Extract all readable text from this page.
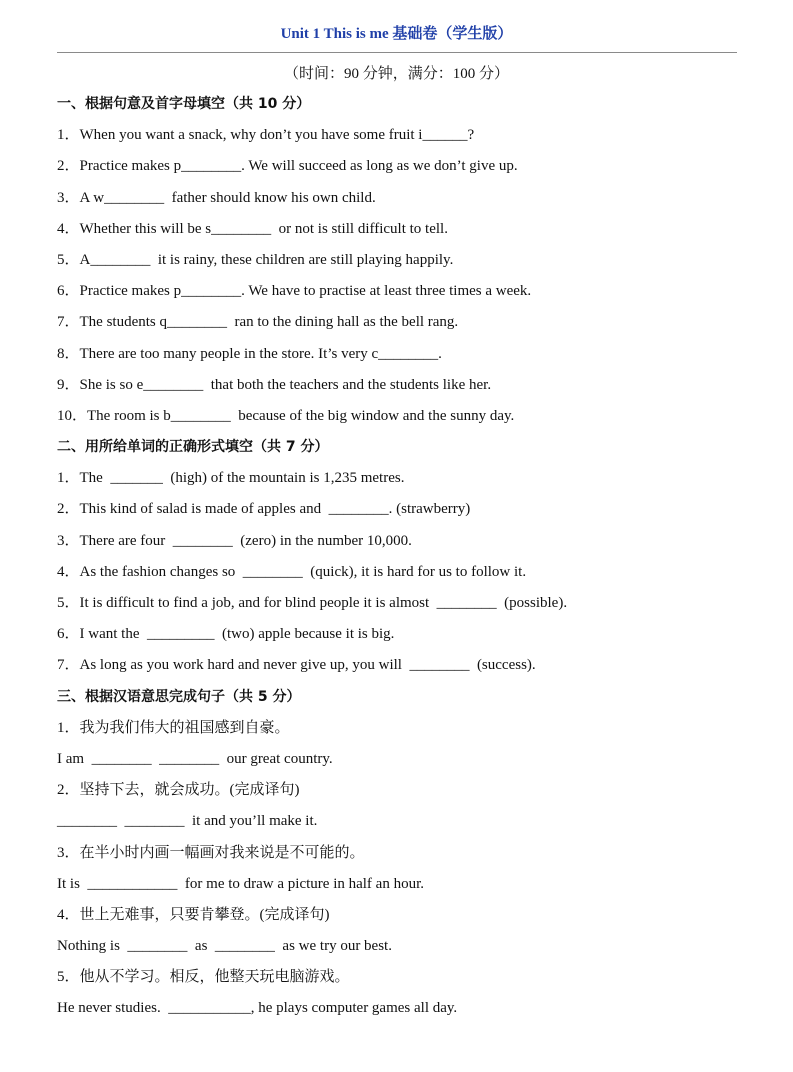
Unit 1 This is me 基础卷（学生版）
（时间：90 分钟，满分：100 分）
一、根据句意及首字母填空（共 10 分）
1．When you want a snack, why don’t you have some fruit i______?
2．Practice makes p________. We will succeed as long as we don’t give up.
3．A w________  father should know his own child.
4．Whether this will be s________  or not is still difficult to tell.
5．A________  it is rainy, these children are still playing happily.
6．Practice makes p________. We have to practise at least three times a week.
7．The students q________  ran to the dining hall as the bell rang.
8．There are too many people in the store. It’s very c________.
9．She is so e________  that both the teachers and the students like her.
10．The room is b________  because of the big window and the sunny day.
二、用所给单词的正确形式填空（共 7 分）
1．The  _______  (high) of the mountain is 1,235 metres.
2．This kind of salad is made of apples and  ________. (strawberry)
3．There are four  ________  (zero) in the number 10,000.
4．As the fashion changes so  ________  (quick), it is hard for us to follow it.
5．It is difficult to find a job, and for blind people it is almost  ________  (possible).
6．I want the  _________  (two) apple because it is big.
7．As long as you work hard and never give up, you will  ________  (success).
三、根据汉语意思完成句子（共 5 分）
1．我为我们伟大的祖国感到自豪。
I am  ________  ________  our great country.
2．坚持下去，就会成功。(完成译句)
________  ________  it and you’ll make it.
3．在半小时内画一幅画对我来说是不可能的。
It is  ____________  for me to draw a picture in half an hour.
4．世上无难事，只要肯攀登。(完成译句)
Nothing is  ________  as  ________  as we try our best.
5．他从不学习。相反，他整天玩电脑游戏。
He never studies.  ___________, he plays computer games all day.
